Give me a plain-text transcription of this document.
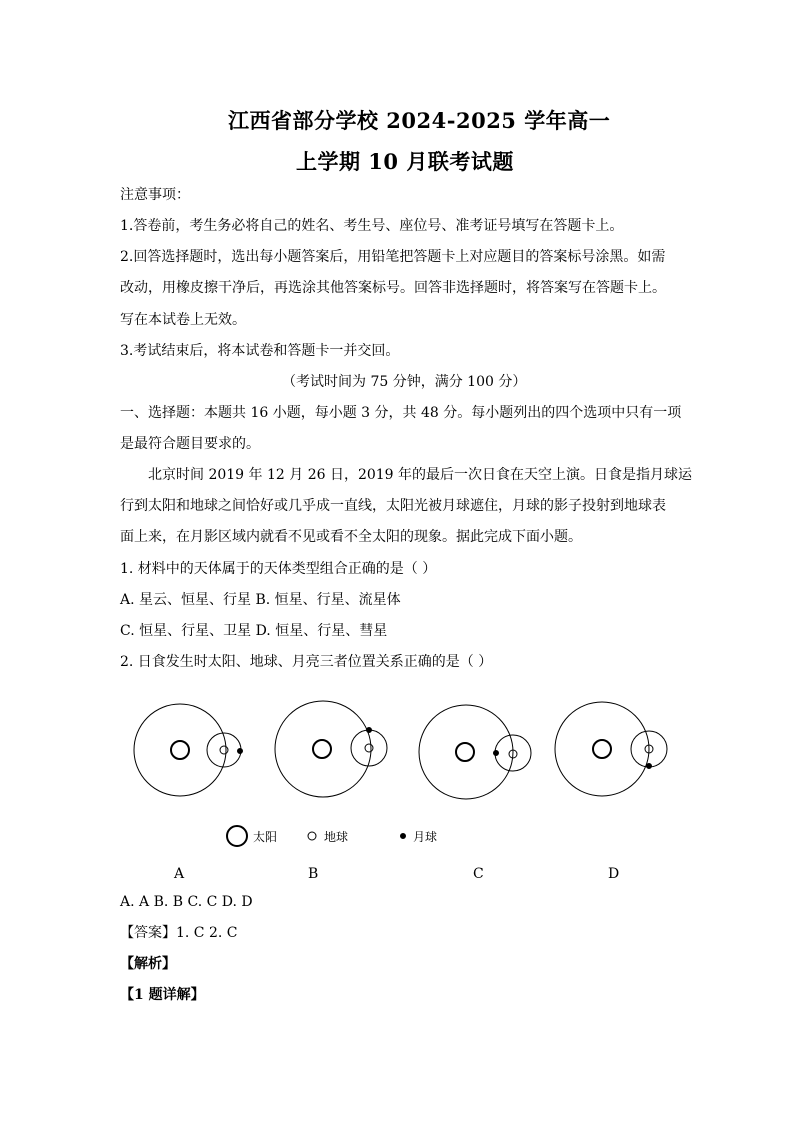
江西省部分学校 2024-2025 学年高一
上学期 10 月联考试题
注意事项：
1.答卷前，考生务必将自己的姓名、考生号、座位号、准考证号填写在答题卡上。
2.回答选择题时，选出每小题答案后，用铅笔把答题卡上对应题目的答案标号涂黑。如需
改动，用橡皮擦干净后，再选涂其他答案标号。回答非选择题时，将答案写在答题卡上。
写在本试卷上无效。
3.考试结束后，将本试卷和答题卡一并交回。
（考试时间为 75 分钟，满分 100 分）
一、选择题：本题共 16 小题，每小题 3 分，共 48 分。每小题列出的四个选项中只有一项
是最符合题目要求的。
北京时间 2019 年 12 月 26 日，2019 年的最后一次日食在天空上演。日食是指月球运
行到太阳和地球之间恰好或几乎成一直线，太阳光被月球遮住，月球的影子投射到地球表
面上来，在月影区域内就看不见或看不全太阳的现象。据此完成下面小题。
1. 材料中的天体属于的天体类型组合正确的是（ ）
A. 星云、恒星、行星 B. 恒星、行星、流星体
C. 恒星、行星、卫星 D. 恒星、行星、彗星
2. 日食发生时太阳、地球、月亮三者位置关系正确的是（ ）
太阳	地球	月球
A	B	C	D
A. A B. B C. C D. D
【答案】1. C 2. C
【解析】
【1 题详解】
